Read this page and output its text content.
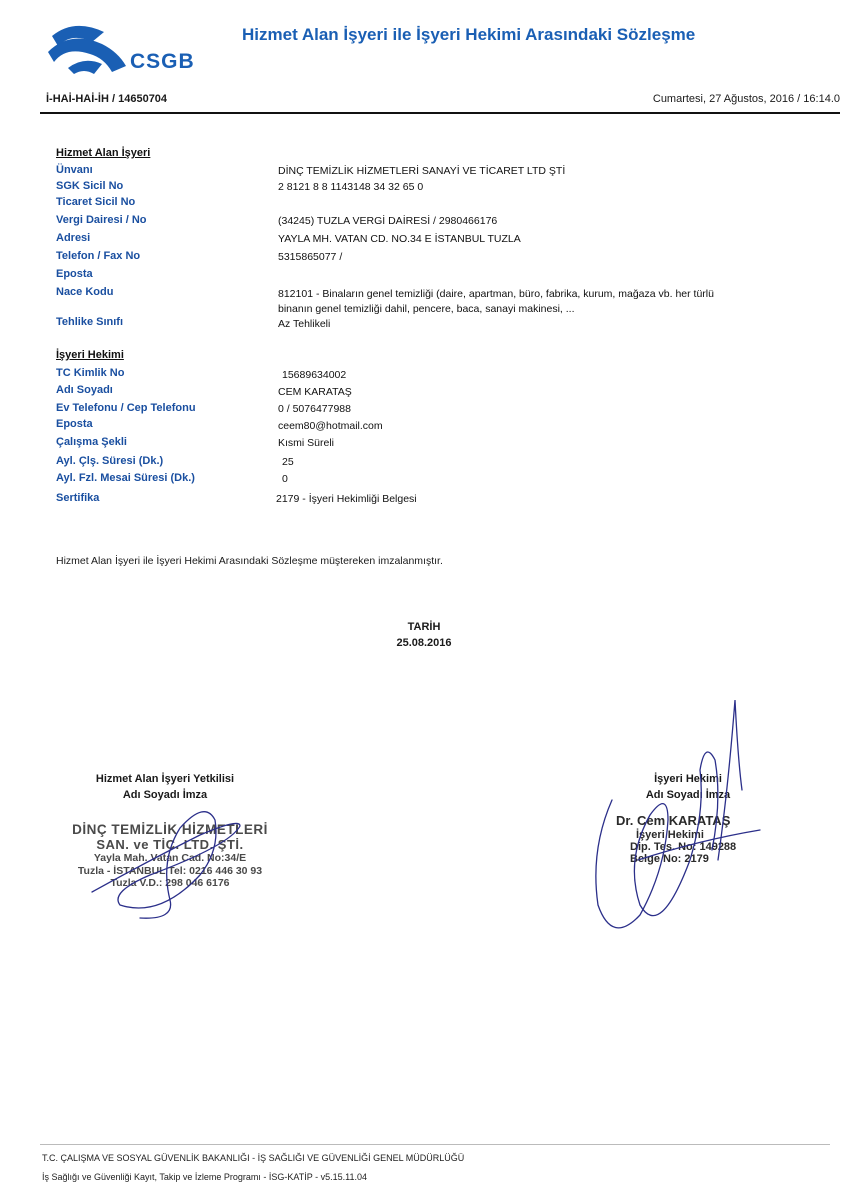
CSGB
Hizmet Alan İşyeri ile İşyeri Hekimi Arasındaki Sözleşme
İ-HAİ-HAİ-İH / 14650704	Cumartesi, 27 Ağustos, 2016 / 16:14.0
Hizmet Alan İşyeri
Ünvanı	DİNÇ TEMİZLİK HİZMETLERİ SANAYİ VE TİCARET LTD ŞTİ
SGK Sicil No	2 8121 8 8 1143148 34 32 65 0
Ticaret Sicil No
Vergi Dairesi / No	(34245) TUZLA VERGİ DAİRESİ / 2980466176
Adresi	YAYLA MH. VATAN CD. NO.34 E İSTANBUL TUZLA
Telefon / Fax No	5315865077 /
Eposta
Nace Kodu	812101 - Binaların genel temizliği (daire, apartman, büro, fabrika, kurum, mağaza vb. her türlü
binanın genel temizliği dahil, pencere, baca, sanayi makinesi, ...
Tehlike Sınıfı	Az Tehlikeli
İşyeri Hekimi
TC Kimlik No	15689634002
Adı Soyadı	CEM KARATAŞ
Ev Telefonu / Cep Telefonu	0 / 5076477988
Eposta	ceem80@hotmail.com
Çalışma Şekli	Kısmi Süreli
Ayl. Çlş. Süresi (Dk.)	25
Ayl. Fzl. Mesai Süresi (Dk.)	0
Sertifika	2179 - İşyeri Hekimliği Belgesi
Hizmet Alan İşyeri ile İşyeri Hekimi Arasındaki Sözleşme müştereken imzalanmıştır.
TARİH
25.08.2016
Hizmet Alan İşyeri Yetkilisi
Adı Soyadı İmza
İşyeri Hekimi
Adı Soyadı İmza
DİNÇ TEMİZLİK HİZMETLERİ
SAN. ve TİC. LTD. ŞTİ.
Yayla Mah. Vatan Cad. No:34/E
Tuzla - İSTANBUL Tel: 0216 446 30 93
Tuzla V.D.: 298 046 6176
Dr. Cem KARATAŞ
İşyeri Hekimi
Dip. Tes. No: 149288
Belge No: 2179
T.C. ÇALIŞMA VE SOSYAL GÜVENLİK BAKANLIĞI - İŞ SAĞLIĞI VE GÜVENLİĞİ GENEL MÜDÜRLÜĞÜ
İş Sağlığı ve Güvenliği Kayıt, Takip ve İzleme Programı - İSG-KATİP - v5.15.11.04
